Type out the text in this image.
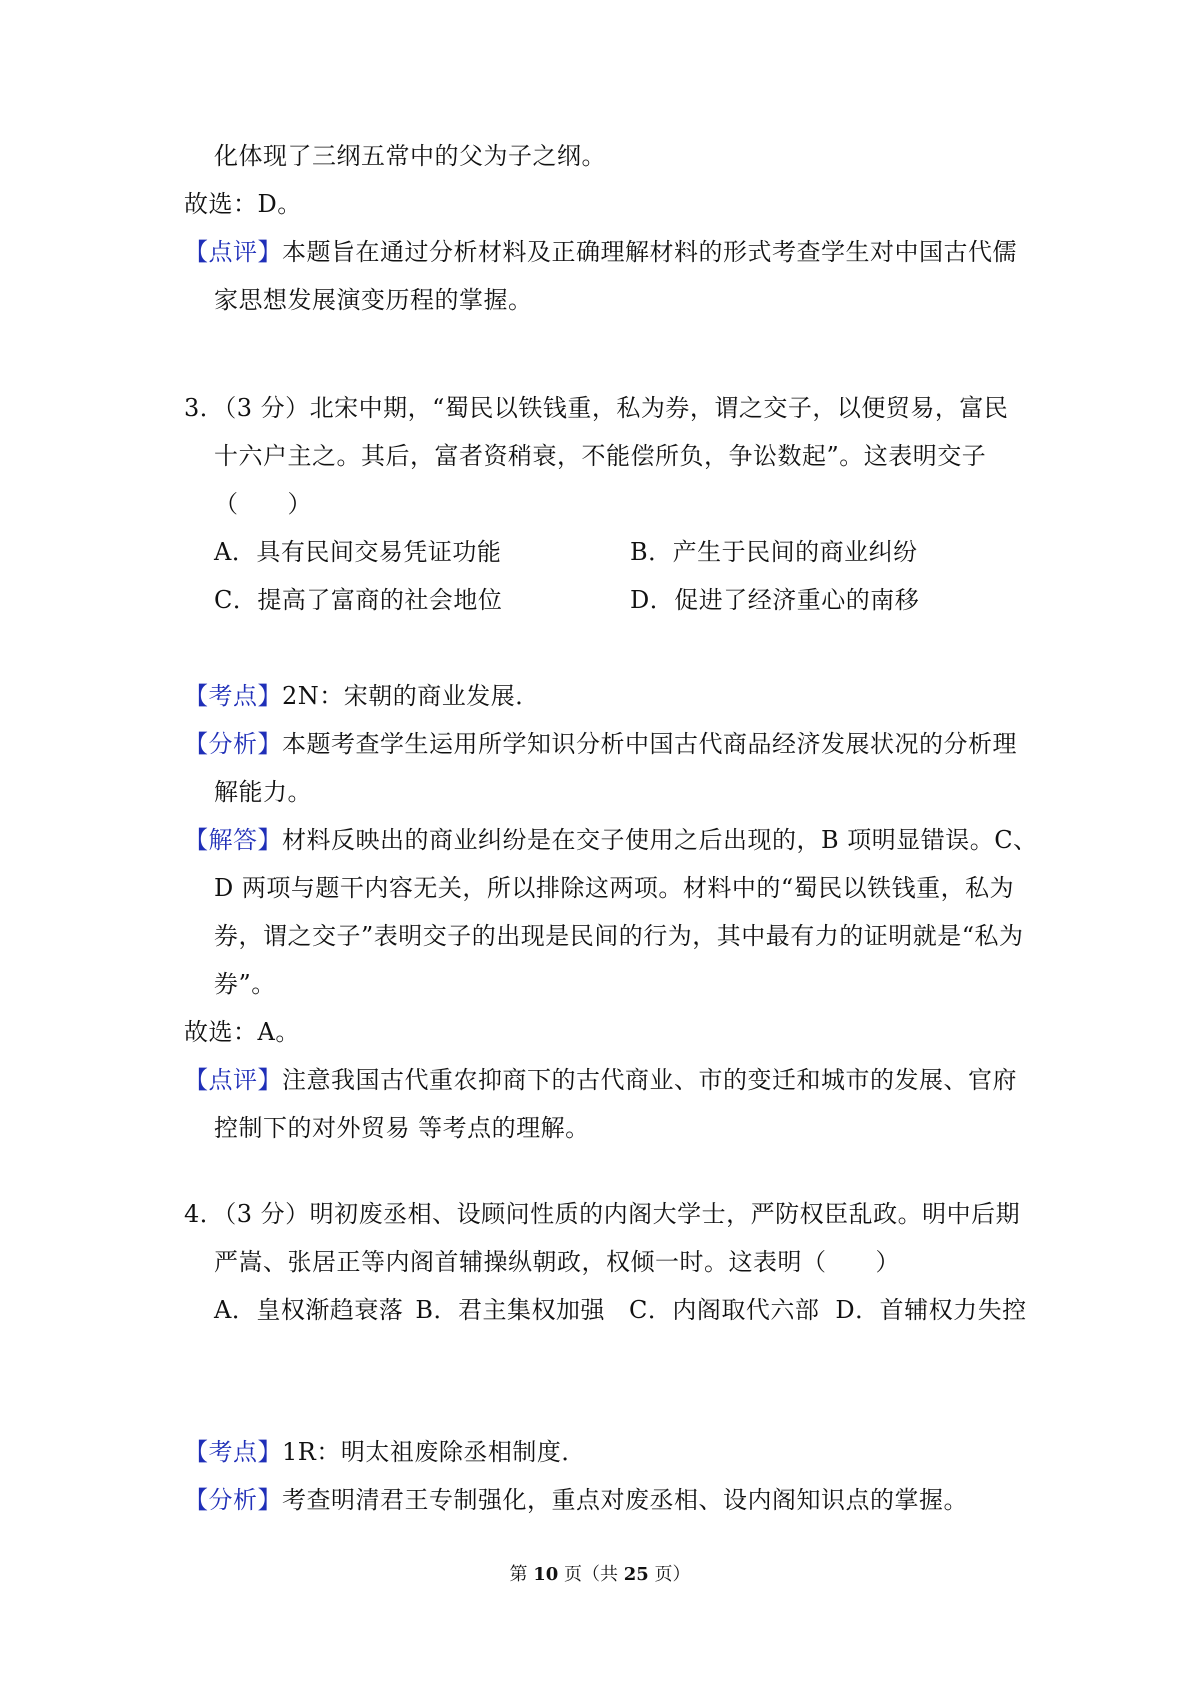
化体现了三纲五常中的父为子之纲。
故选：D。
【点评】本题旨在通过分析材料及正确理解材料的形式考查学生对中国古代儒
家思想发展演变历程的掌握。
3．（3 分）北宋中期，“蜀民以铁钱重，私为券，谓之交子，以便贸易，富民
十六户主之。其后，富者资稍衰，不能偿所负，争讼数起”。这表明交子
（　　）
A．具有民间交易凭证功能	B．产生于民间的商业纠纷
C．提高了富商的社会地位	D．促进了经济重心的南移
【考点】2N：宋朝的商业发展．
【分析】本题考查学生运用所学知识分析中国古代商品经济发展状况的分析理
解能力。
【解答】材料反映出的商业纠纷是在交子使用之后出现的，B 项明显错误。C、
D 两项与题干内容无关，所以排除这两项。材料中的“蜀民以铁钱重，私为
券，谓之交子”表明交子的出现是民间的行为，其中最有力的证明就是“私为
券”。
故选：A。
【点评】注意我国古代重农抑商下的古代商业、市的变迁和城市的发展、官府
控制下的对外贸易 等考点的理解。
4．（3 分）明初废丞相、设顾问性质的内阁大学士，严防权臣乱政。明中后期
严嵩、张居正等内阁首辅操纵朝政，权倾一时。这表明（　　）
A．皇权渐趋衰落 B．君主集权加强 C．内阁取代六部 D．首辅权力失控
【考点】1R：明太祖废除丞相制度．
【分析】考查明清君王专制强化，重点对废丞相、设内阁知识点的掌握。
第 10 页（共 25 页）
